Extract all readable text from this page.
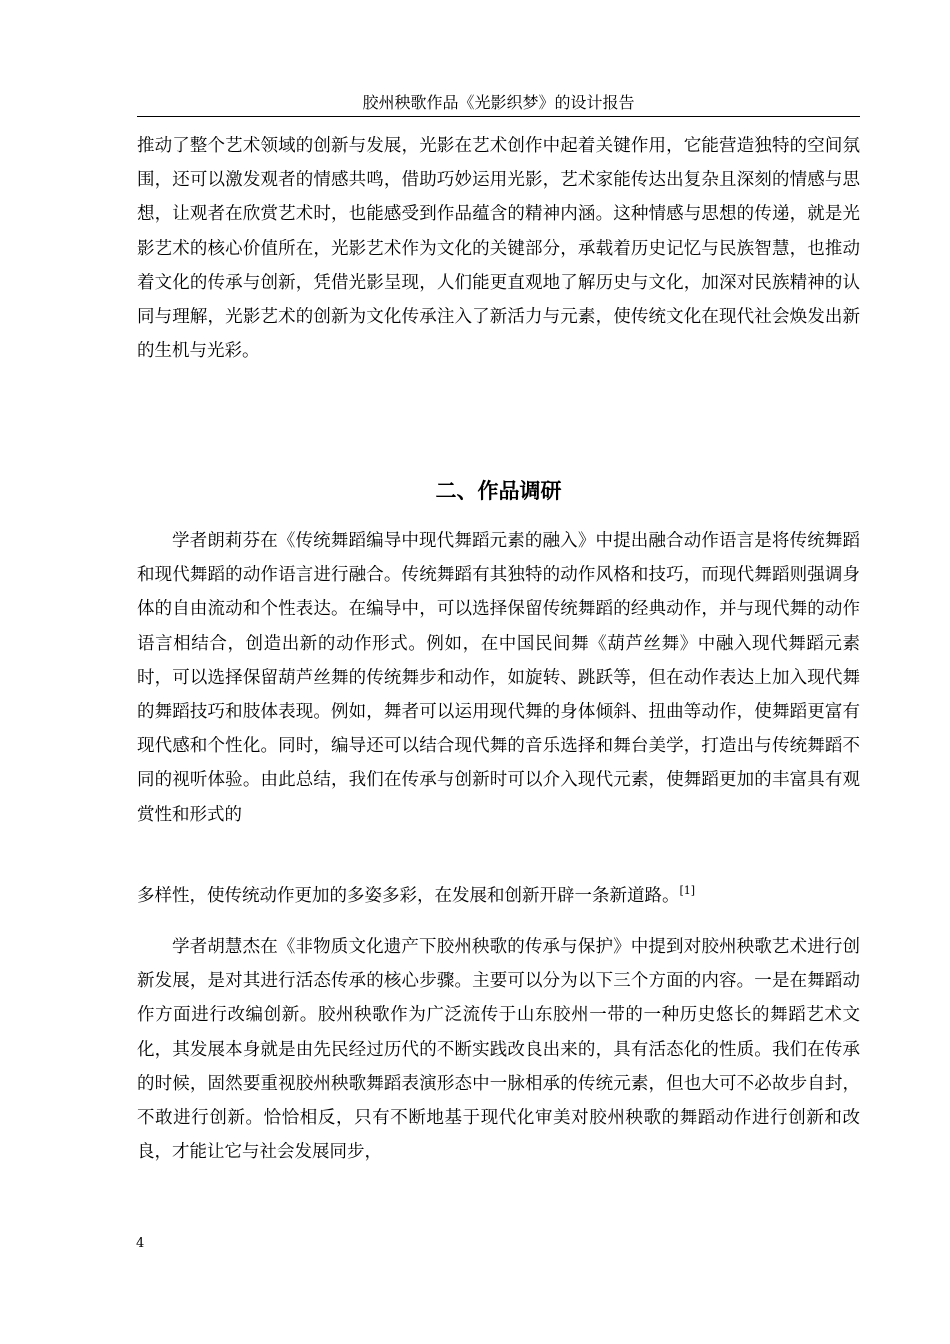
胶州秧歌作品《光影织梦》的设计报告

推动了整个艺术领域的创新与发展，光影在艺术创作中起着关键作用，它能营造独特的空间氛围，还可以激发观者的情感共鸣，借助巧妙运用光影，艺术家能传达出复杂且深刻的情感与思想，让观者在欣赏艺术时，也能感受到作品蕴含的精神内涵。这种情感与思想的传递，就是光影艺术的核心价值所在，光影艺术作为文化的关键部分，承载着历史记忆与民族智慧，也推动着文化的传承与创新，凭借光影呈现，人们能更直观地了解历史与文化，加深对民族精神的认同与理解，光影艺术的创新为文化传承注入了新活力与元素，使传统文化在现代社会焕发出新的生机与光彩。

二、作品调研

学者朗莉芬在《传统舞蹈编导中现代舞蹈元素的融入》中提出融合动作语言是将传统舞蹈和现代舞蹈的动作语言进行融合。传统舞蹈有其独特的动作风格和技巧，而现代舞蹈则强调身体的自由流动和个性表达。在编导中，可以选择保留传统舞蹈的经典动作，并与现代舞的动作语言相结合，创造出新的动作形式。例如，在中国民间舞《葫芦丝舞》中融入现代舞蹈元素时，可以选择保留葫芦丝舞的传统舞步和动作，如旋转、跳跃等，但在动作表达上加入现代舞的舞蹈技巧和肢体表现。例如，舞者可以运用现代舞的身体倾斜、扭曲等动作，使舞蹈更富有现代感和个性化。同时，编导还可以结合现代舞的音乐选择和舞台美学，打造出与传统舞蹈不同的视听体验。由此总结，我们在传承与创新时可以介入现代元素，使舞蹈更加的丰富具有观赏性和形式的

多样性，使传统动作更加的多姿多彩，在发展和创新开辟一条新道路。[1]

学者胡慧杰在《非物质文化遗产下胶州秧歌的传承与保护》中提到对胶州秧歌艺术进行创新发展，是对其进行活态传承的核心步骤。主要可以分为以下三个方面的内容。一是在舞蹈动作方面进行改编创新。胶州秧歌作为广泛流传于山东胶州一带的一种历史悠长的舞蹈艺术文化，其发展本身就是由先民经过历代的不断实践改良出来的，具有活态化的性质。我们在传承的时候，固然要重视胶州秧歌舞蹈表演形态中一脉相承的传统元素，但也大可不必故步自封，不敢进行创新。恰恰相反，只有不断地基于现代化审美对胶州秧歌的舞蹈动作进行创新和改良，才能让它与社会发展同步，

4
